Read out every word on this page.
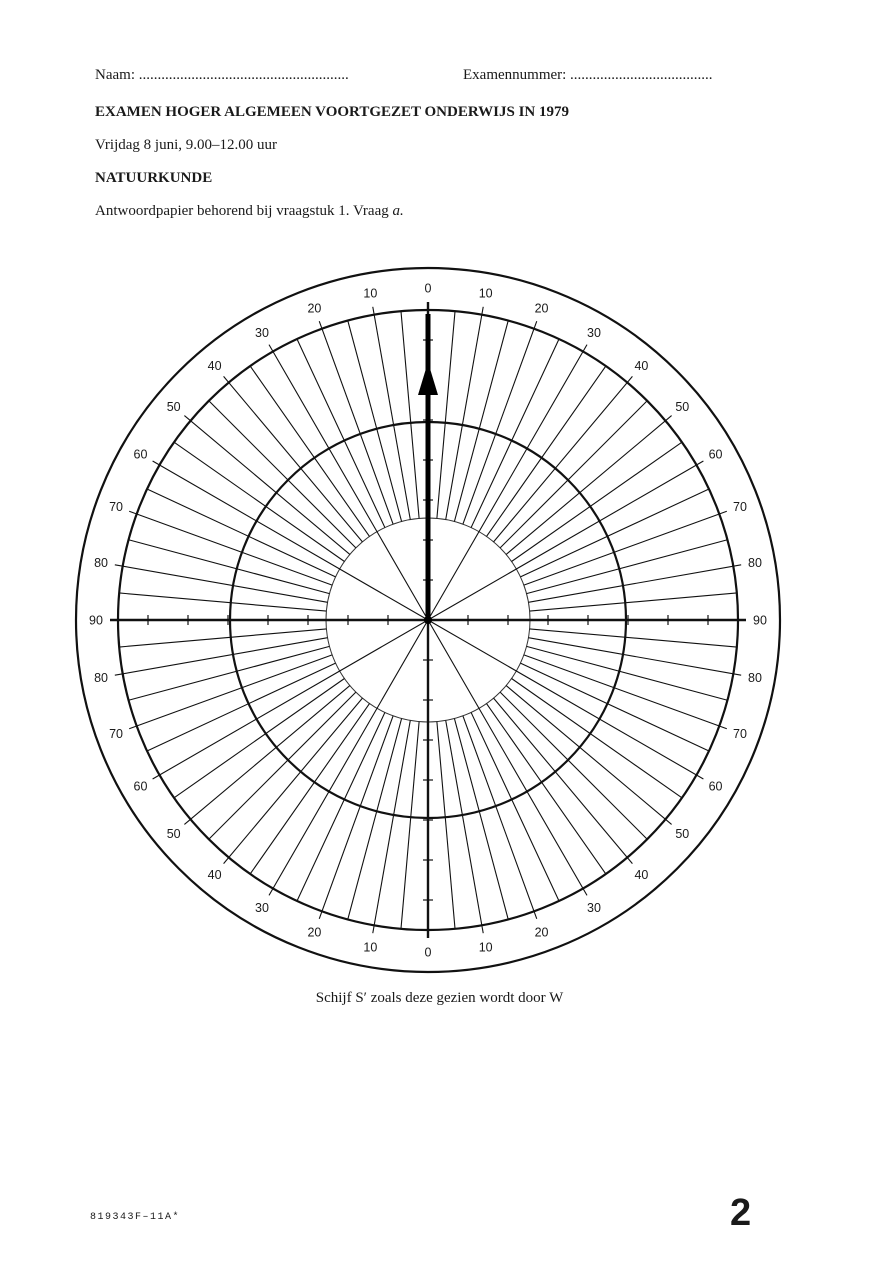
Naam: ........................................................	Examennummer: ......................................
EXAMEN HOGER ALGEMEEN VOORTGEZET ONDERWIJS IN 1979
Vrijdag 8 juni, 9.00–12.00 uur
NATUURKUNDE
Antwoordpapier behorend bij vraagstuk 1. Vraag a.
0	10
20
30
40
50
60
70
80
90
80
70
60
50
40
30
20
10
0
10
20
30
40
50
60
70
80
90
80
70
60
50
40
30
20
10
Schijf S′ zoals deze gezien wordt door W
819343F–11A*	2
